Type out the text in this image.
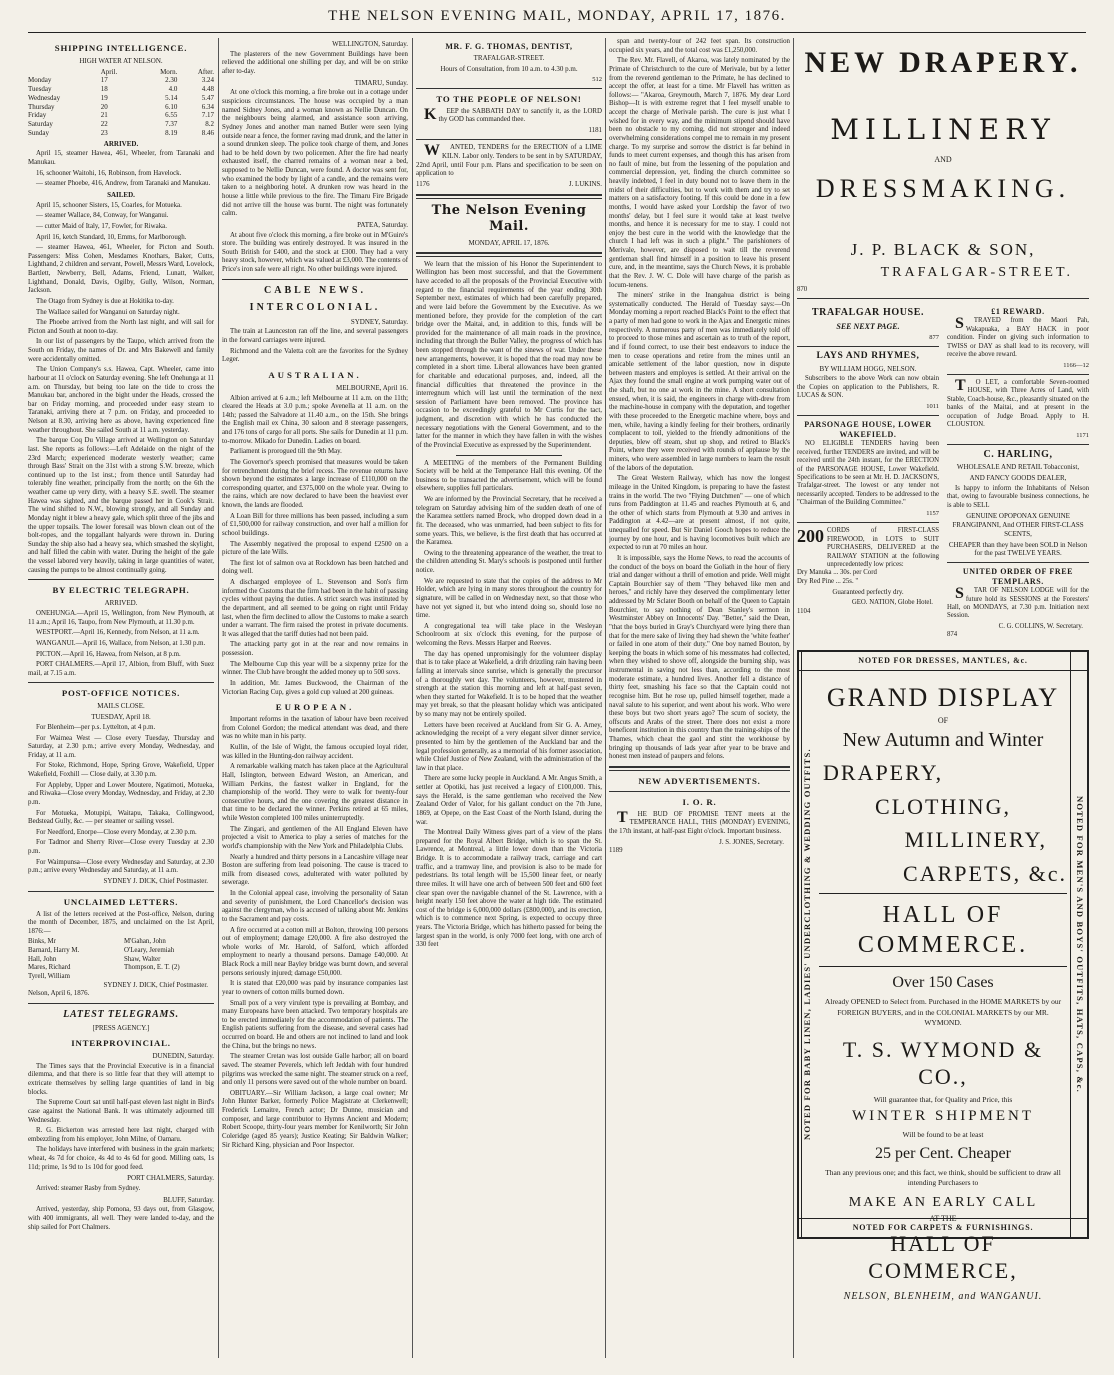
THE NELSON EVENING MAIL, MONDAY, APRIL 17, 1876.
SHIPPING INTELLIGENCE.
HIGH WATER AT NELSON.
	April.	Morn.	After.
Monday	17	2.30	3.24
Tuesday	18	4.0	4.48
Wednesday	19	5.14	5.47
Thursday	20	6.10	6.34
Friday	21	6.55	7.17
Saturday	22	7.37	8.2
Sunday	23	8.19	8.46
ARRIVED.

April 15, steamer Hawea, 461, Wheeler, from Taranaki and Manukau.

16, schooner Waitohi, 16, Robinson, from Havelock.

— steamer Phoebe, 416, Andrew, from Taranaki and Manukau.

SAILED.

April 15, schooner Sisters, 15, Coarles, for Motueka.

— steamer Wallace, 84, Conway, for Wanganui.

— cutter Maid of Italy, 17, Fowler, for Riwaka.

April 16, ketch Standard, 10, Emms, for Marlborough.

— steamer Hawea, 461, Wheeler, for Picton and South. Passengers: Miss Cohen, Mesdames Knothars, Baker, Cutts, Lighthand, 2 children and servant, Powell, Messrs Ward, Lovelock, Bartlett, Newberry, Bell, Adams, Friend, Lunatt, Walker, Lighthand, Donald, Davis, Ogilby, Gully, Wilson, Norman, Jackson.

The Otago from Sydney is due at Hokitika to-day.

The Wallace sailed for Wanganui on Saturday night.

The Phoebe arrived from the North last night, and will sail for Picton and South at noon to-day.

In our list of passengers by the Taupo, which arrived from the South on Friday, the names of Dr. and Mrs Bakewell and family were accidentally omitted.

The Union Company's s.s. Hawea, Capt. Wheeler, came into harbour at 11 o'clock on Saturday evening. She left Onehunga at 11 a.m. on Thursday, but being too late on the tide to cross the Manukau bar, anchored in the bight under the Heads, crossed the bar on Friday morning, and proceeded under easy steam to Taranaki, arriving there at 7 p.m. on Friday, and proceeded to Nelson at 8.30, arriving here as above, having experienced fine weather throughout. She sailed South at 11 a.m. yesterday.

The barque Coq Du Village arrived at Wellington on Saturday last. She reports as follows:—Left Adelaide on the night of the 23rd March; experienced moderate westerly weather; came through Bass' Strait on the 31st with a strong S.W. breeze, which continued up to the 1st inst.; from thence until Saturday had tolerably fine weather, principally from the north; on the 6th the weather came up very dirty, with a heavy S.E. swell. The steamer Hawea was sighted, and the barque passed her in Cook's Strait. The wind shifted to N.W., blowing strongly, and all Sunday and Monday night it blew a heavy gale, which split three of the jibs and the upper topsails. The lower foresail was blown clean out of the bolt-ropes, and the topgallant halyards were thrown in. During Sunday the ship also had a heavy sea, which smashed the skylight, and half filled the cabin with water. During the height of the gale the vessel labored very heavily, taking in large quantities of water, causing the pumps to be almost continually going.

BY ELECTRIC TELEGRAPH.
ARRIVED.

ONEHUNGA.—April 15, Wellington, from New Plymouth, at 11 a.m.; April 16, Taupo, from New Plymouth, at 11.30 p.m.

WESTPORT.—April 16, Kennedy, from Nelson, at 11 a.m.

WANGANUI.—April 16, Wallace, from Nelson, at 1.30 p.m.

PICTON.—April 16, Hawea, from Nelson, at 8 p.m.

PORT CHALMERS.—April 17, Albion, from Bluff, with Suez mail, at 7.15 a.m.

POST-OFFICE NOTICES.
MAILS CLOSE.
TUESDAY, April 18.

For Blenheim—per p.s. Lyttelton, at 4 p.m.

For Waimea West — Close every Tuesday, Thursday and Saturday, at 2.30 p.m.; arrive every Monday, Wednesday, and Friday, at 11 a.m.

For Stoke, Richmond, Hope, Spring Grove, Wakefield, Upper Wakefield, Foxhill — Close daily, at 3.30 p.m.

For Appleby, Upper and Lower Moutere, Ngatimoti, Motueka, and Riwaka—Close every Monday, Wednesday, and Friday, at 2.30 p.m.

For Motueka, Motupipi, Waitapu, Takaka, Collingwood, Bedstead Gully, &c. — per steamer or sailing vessel.

For Needford, Enorpe—Close every Monday, at 2.30 p.m.

For Tadmor and Sherry River—Close every Tuesday at 2.30 p.m.

For Waimpunsa—Close every Wednesday and Saturday, at 2.30 p.m.; arrive every Wednesday and Saturday, at 11 a.m.

SYDNEY J. DICK, Chief Postmaster.
UNCLAIMED LETTERS.

A list of the letters received at the Post-office, Nelson, during the month of December, 1875, and unclaimed on the 1st April, 1876:—

Binks, Mr
Barnard, Harry M.
Hall, John
Mares, Richard
Tyrell, William
M'Gahan, John
O'Leary, Jeremiah
Shaw, Walter
Thompson, E. T. (2)
SYDNEY J. DICK, Chief Postmaster.
Nelson, April 6, 1876.
LATEST TELEGRAMS.
[PRESS AGENCY.]
INTERPROVINCIAL.
DUNEDIN, Saturday.

The Times says that the Provincial Executive is in a financial dilemma, and that there is so little fear that they will attempt to extricate themselves by selling large quantities of land in big blocks.

The Supreme Court sat until half-past eleven last night in Bird's case against the National Bank. It was ultimately adjourned till Wednesday.

R. G. Bickerton was arrested here last night, charged with embezzling from his employer, John Milne, of Oamaru.

The holidays have interfered with business in the grain markets; wheat, 4s 7d for choice, 4s 4d to 4s 6d for good. Milling oats, 1s 11d; prime, 1s 9d to 1s 10d for good feed.

PORT CHALMERS, Saturday.

Arrived: steamer Rasby from Sydney.

BLUFF, Saturday.

Arrived, yesterday, ship Pomona, 93 days out, from Glasgow, with 400 immigrants, all well. They were landed to-day, and the ship sailed for Port Chalmers.

WELLINGTON, Saturday.

The plasterers of the new Government Buildings have been relieved the additional one shilling per day, and will be on strike after to-day.

TIMARU, Sunday.

At one o'clock this morning, a fire broke out in a cottage under suspicious circumstances. The house was occupied by a man named Sidney Jones, and a woman known as Nellie Duncan. On the neighbours being alarmed, and assistance soon arriving, Sydney Jones and another man named Butler were seen lying outside near a fence, the former raving mad drunk, and the latter in a sound drunken sleep. The police took charge of them, and Jones had to be held down by two policemen. After the fire had nearly exhausted itself, the charred remains of a woman near a bed, supposed to be Nellie Duncan, were found. A doctor was sent for, who examined the body by light of a candle, and the remains were taken to a neighboring hotel. A drunken row was heard in the house a little while previous to the fire. The Timaru Fire Brigade did not arrive till the house was burnt. The night was fortunately calm.

PATEA, Saturday.

At about five o'clock this morning, a fire broke out in M'Guire's store. The building was entirely destroyed. It was insured in the South British for £400, and the stock at £300. They had a very heavy stock, however, which was valued at £3,000. The contents of Price's iron safe were all right. No other buildings were injured.

CABLE NEWS.
INTERCOLONIAL.
SYDNEY, Saturday.

The train at Launceston ran off the line, and several passengers in the forward carriages were injured.

Richmond and the Valetta colt are the favorites for the Sydney Leger.

AUSTRALIAN.
MELBOURNE, April 16.

Albion arrived at 6 a.m.; left Melbourne at 11 a.m. on the 11th; cleared the Heads at 3.0 p.m.; spoke Avenella at 11 a.m. on the 14th; passed the Salvadore at 11.40 a.m., on the 15th. She brings the English mail ex China, 30 saloon and 8 steerage passengers, and 176 tons of cargo for all ports. She sails for Dunedin at 11 p.m. to-morrow. Mikado for Dunedin. Ladies on board.

Parliament is prorogued till the 9th May.

The Governor's speech promised that measures would be taken for retrenchment during the brief recess. The revenue returns have shown beyond the estimates a large increase of £110,000 on the corresponding quarter, and £375,000 on the whole year. Owing to the rains, which are now declared to have been the heaviest ever known, the lands are flooded.

A Loan Bill for three millions has been passed, including a sum of £1,500,000 for railway construction, and over half a million for school buildings.

The Assembly negatived the proposal to expend £2500 on a picture of the late Wills.

The first lot of salmon ova at Rockdown has been hatched and doing well.

A discharged employee of L. Stevenson and Son's firm informed the Customs that the firm had been in the habit of passing cycles without paying the duties. A strict search was instituted by the department, and all seemed to be going on right until Friday last, when the firm declined to allow the Customs to make a search under a warrant. The firm raised the protest in private documents. It was alleged that the tariff duties had not been paid.

The attacking party got in at the rear and now remains in possession.

The Melbourne Cup this year will be a sixpenny prize for the winner. The Club have brought the added money up to 500 sovs.

In addition, Mr. James Buckwood, the Chairman of the Victorian Racing Cup, gives a gold cup valued at 200 guineas.

EUROPEAN.

Important reforms in the taxation of labour have been received from Colonel Gordon; the medical attendant was dead, and there was no white man in his party.

Kullin, of the Isle of Wight, the famous occupied loyal rider, was killed in the Hunting-don railway accident.

A remarkable walking match has taken place at the Agricultural Hall, Islington, between Edward Weston, an American, and William Perkins, the fastest walker in England, for the championship of the world. They were to walk for twenty-four consecutive hours, and the one covering the greatest distance in that time to be declared the winner. Perkins retired at 65 miles, while Weston completed 100 miles uninterruptedly.

The Zingari, and gentlemen of the All England Eleven have projected a visit to America to play a series of matches for the world's championship with the New York and Philadelphia Clubs.

Nearly a hundred and thirty persons in a Lancashire village near Boston are suffering from lead poisoning. The cause is traced to milk from diseased cows, adulterated with water polluted by sewerage.

In the Colonial appeal case, involving the personality of Satan and severity of punishment, the Lord Chancellor's decision was against the clergyman, who is accused of talking about Mr. Jenkins to the Sacrament and pay costs.

A fire occurred at a cotton mill at Bolton, throwing 100 persons out of employment; damage £20,000. A fire also destroyed the whole works of Mr. Harold, of Salford, which afforded employment to nearly a thousand persons. Damage £40,000. At Black Rock a mill near Bayley bridge was burnt down, and several persons seriously injured; damage £50,000.

It is stated that £20,000 was paid by insurance companies last year to owners of cotton mills burned down.

Small pox of a very virulent type is prevailing at Bombay, and many Europeans have been attacked. Two temporary hospitals are to be erected immediately for the accommodation of patients. The English patients suffering from the disease, and several cases had occurred on board. He and others are not inclined to land and look the China, but the brings no news.

The steamer Cretan was lost outside Galle harbor; all on board saved. The steamer Peverels, which left Jeddah with four hundred pilgrims was wrecked the same night. The steamer struck on a reef, and only 11 persons were saved out of the whole number on board.

OBITUARY.—Sir William Jackson, a large coal owner; Mr John Hunter Barker, formerly Police Magistrate at Clerkenwell; Frederick Lemaitre, French actor; Dr Dunne, musician and composer, and large contributor to Hymns Ancient and Modern; Robert Scoope, thirty-four years member for Kenilworth; Sir John Coleridge (aged 85 years); Justice Keating; Sir Baldwin Walker; Sir Richard King, physician and Poor Inspector.

MR. F. G. THOMAS, DENTIST,
TRAFALGAR-STREET.
Hours of Consultation, from 10 a.m. to 4.30 p.m.
512
TO THE PEOPLE OF NELSON!

KEEP the SABBATH DAY to sanctify it, as the LORD thy GOD has commanded thee.

1181

WANTED, TENDERS for the ERECTION of a LIME KILN. Labor only. Tenders to be sent in by SATURDAY, 22nd April, until Four p.m. Plans and specification to be seen on application to

1176	J. LUKINS.
The Nelson Evening Mail.
MONDAY, APRIL 17, 1876.

We learn that the mission of his Honor the Superintendent to Wellington has been most successful, and that the Government have acceded to all the proposals of the Provincial Executive with regard to the financial requirements of the year ending 30th September next, estimates of which had been carefully prepared, and were laid before the Government by the Executive. As we mentioned before, they provide for the completion of the cart bridge over the Maitai, and, in addition to this, funds will be provided for the maintenance of all main roads in the province, including that through the Buller Valley, the progress of which has been stopped through the want of the sinews of war. Under these new arrangements, however, it is hoped that the road may now be completed in a short time. Liberal allowances have been granted for charitable and educational purposes, and, indeed, all the financial difficulties that threatened the province in the interregnum which will last until the termination of the next session of Parliament have been removed. The province has occasion to be exceedingly grateful to Mr Curtis for the tact, judgment, and discretion with which he has conducted the necessary negotiations with the General Government, and to the latter for the manner in which they have fallen in with the wishes of the Provincial Executive as expressed by the Superintendent.

A MEETING of the members of the Permanent Building Society will be held at the Temperance Hall this evening. Of the business to be transacted the advertisement, which will be found elsewhere, supplies full particulars.

We are informed by the Provincial Secretary, that he received a telegram on Saturday advising him of the sudden death of one of the Karamea settlers named Brock, who dropped down dead in a fit. The deceased, who was unmarried, had been subject to fits for some years. This, we believe, is the first death that has occurred at the Karamea.

Owing to the threatening appearance of the weather, the treat to the children attending St. Mary's schools is postponed until further notice.

We are requested to state that the copies of the address to Mr Holder, which are lying in many stores throughout the country for signature, will be called in on Wednesday next, so that those who have not yet signed it, but who intend doing so, should lose no time.

A congregational tea will take place in the Wesleyan Schoolroom at six o'clock this evening, for the purpose of welcoming the Revs. Messrs Harper and Reeves.

The day has opened unpromisingly for the volunteer display that is to take place at Wakefield, a drift drizzling rain having been falling at intervals since sunrise, which is generally the precursor of a thoroughly wet day. The volunteers, however, mustered in strength at the station this morning and left at half-past seven, when they started for Wakefield. It is to be hoped that the weather may yet break, so that the pleasant holiday which was anticipated by so many may not be entirely spoiled.

Letters have been received at Auckland from Sir G. A. Arney, acknowledging the receipt of a very elegant silver dinner service, presented to him by the gentlemen of the Auckland bar and the legal profession generally, as a memorial of his former association, while Chief Justice of New Zealand, with the administration of the law in that place.

There are some lucky people in Auckland. A Mr. Angus Smith, a settler at Opotiki, has just received a legacy of £100,000. This, says the Herald, is the same gentleman who received the New Zealand Order of Valor, for his gallant conduct on the 7th June, 1869, at Opepe, on the East Coast of the North Island, during the war.

The Montreal Daily Witness gives part of a view of the plans prepared for the Royal Albert Bridge, which is to span the St. Lawrence, at Montreal, a little lower down than the Victoria Bridge. It is to accommodate a railway track, carriage and cart traffic, and a tramway line, and provision is also to be made for pedestrians. Its total length will be 15,500 linear feet, or nearly three miles. It will have one arch of between 500 feet and 600 feet clear span over the navigable channel of the St. Lawrence, with a height nearly 150 feet above the water at high tide. The estimated cost of the bridge is 6,000,000 dollars (£800,000), and its erection, which is to commence next Spring, is expected to occupy three years. The Victoria Bridge, which has hitherto passed for being the largest span in the world, is only 7000 feet long, with one arch of 330 feet

span and twenty-four of 242 feet span. Its construction occupied six years, and the total cost was £1,250,000.

The Rev. Mr. Flavell, of Akaroa, was lately nominated by the Primate of Christchurch to the cure of Merivale, but by a letter from the reverend gentleman to the Primate, he has declined to accept the offer, at least for a time. Mr Flavell has written as follows:— "Akaroa, Greymouth, March 7, 1876. My dear Lord Bishop—It is with extreme regret that I feel myself unable to accept the charge of Merivale parish. The cure is just what I wished for in every way, and the minimum stipend should have been no obstacle to my coming, did not stronger and indeed overwhelming considerations compel me to remain in my present charge. To my surprise and sorrow the district is far behind in funds to meet current expenses, and though this has arisen from no fault of mine, but from the lessening of the population and commercial depression, yet, finding the church committee so heavily indebted, I feel in duty bound not to leave them in the midst of their difficulties, but to work with them and try to set matters on a satisfactory footing. If this could be done in a few months, I would have asked your Lordship the favor of two months' delay, but I feel sure it would take at least twelve months, and hence it is necessary for me to stay. I could not enjoy the best cure in the world with the knowledge that the church I had left was in such a plight." The parishioners of Merivale, however, are disposed to wait till the reverend gentleman shall find himself in a position to leave his present cure, and, in the meantime, says the Church News, it is probable that the Rev. J. W. C. Dole will have charge of the parish as locum-tenens.

The miners' strike in the Inangahua district is being systematically conducted. The Herald of Tuesday says:—On Monday morning a report reached Black's Point to the effect that a party of men had gone to work in the Ajax and Energetic mines respectively. A numerous party of men was immediately told off to proceed to those mines and ascertain as to truth of the report, and if found correct, to use their best endeavors to induce the men to cease operations and retire from the mines until an amicable settlement of the labor question, now in dispute between masters and employes is settled. At their arrival on the Ajax they found the small engine at work pumping water out of the shaft, but no one at work in the mine. A short consultation ensued, when, it is said, the engineers in charge with-drew from the machine-house in company with the deputation, and together with these proceeded to the Energetic machine where, boys and men, while, having a kindly feeling for their brothers, ordinarily complacent to toil, yielded to the friendly admonitions of the deputies, blew off steam, shut up shop, and retired to Black's Point, where they were received with rounds of applause by the miners, who were assembled in large numbers to learn the result of the labors of the deputation.

The Great Western Railway, which has now the longest mileage in the United Kingdom, is preparing to have the fastest trains in the world. The two "Flying Dutchmen" — one of which runs from Paddington at 11.45 and reaches Plymouth at 6, and the other of which starts from Plymouth at 9.30 and arrives in Paddington at 4.42—are at present almost, if not quite, unequalled for speed. But Sir Daniel Gooch hopes to reduce the journey by one hour, and is having locomotives built which are expected to run at 70 miles an hour.

It is impossible, says the Home News, to read the accounts of the conduct of the boys on board the Goliath in the hour of fiery trial and danger without a thrill of emotion and pride. Well might Captain Bourchier say of them "They behaved like men and heroes," and richly have they deserved the complimentary letter addressed by Mr Sclater Booth on behalf of the Queen to Captain Bourchier, to say nothing of Dean Stanley's sermon in Westminster Abbey on Innocents' Day. "Better," said the Dean, "that the boys buried in Gray's Churchyard were lying there than that for the mere sake of living they had shewn the 'white feather' or failed in one atom of their duty." One boy named Bouton, by keeping the boats in which some of his messmates had collected, when they wished to shove off, alongside the burning ship, was instrumental in saving not less than, according to the most moderate estimate, a hundred lives. Another fell a distance of thirty feet, smashing his face so that the Captain could not recognise him. But he rose up, pulled himself together, made a naval salute to his superior, and went about his work. Who were these boys but two short years ago? The scum of society, the offscuts and Arabs of the street. There does not exist a more beneficent institution in this country than the training-ships of the Thames, which cheat the gaol and stint the workhouse by bringing up thousands of lads year after year to be brave and honest men instead of paupers and felons.

NEW ADVERTISEMENTS.
I. O. R.

THE BUD OF PROMISE TENT meets at the TEMPERANCE HALL, THIS (MONDAY) EVENING, the 17th instant, at half-past Eight o'clock. Important business.

J. S. JONES, Secretary.
1189
NEW DRAPERY.
MILLINERY
AND
DRESSMAKING.
J. P. BLACK & SON,
TRAFALGAR-STREET.
870
TRAFALGAR HOUSE.
SEE NEXT PAGE.
877
LAYS AND RHYMES,
BY WILLIAM HOGG, NELSON.

Subscribers to the above Work can now obtain the Copies on application to the Publishers, R. LUCAS & SON.

1011
PARSONAGE HOUSE, LOWER WAKEFIELD.

NO ELIGIBLE TENDERS having been received, further TENDERS are invited, and will be received until the 24th instant, for the ERECTION of the PARSONAGE HOUSE, Lower Wakefield. Specifications to be seen at Mr. H. D. JACKSON'S, Trafalgar-street. The lowest or any tender not necessarily accepted. Tenders to be addressed to the "Chairman of the Building Committee."

1157
200 CORDS of FIRST-CLASS FIREWOOD, in LOTS to SUIT PURCHASERS, DELIVERED at the RAILWAY STATION at the following unprecedentedly low prices:
Dry Manuka ... 30s. per Cord
Dry Red Pine ... 25s. "
Guaranteed perfectly dry.
GEO. NATION, Globe Hotel.
1104
£1 REWARD.

STRAYED from the Maori Pah, Wakapuaka, a BAY HACK in poor condition. Finder on giving such information to TWISS or DAY as shall lead to its recovery, will receive the above reward.

1166—12

TO LET, a comfortable Seven-roomed HOUSE, with Three Acres of Land, with Stable, Coach-house, &c., pleasantly situated on the banks of the Maitai, and at present in the occupation of Judge Broad. Apply to H. CLOUSTON.

1171
C. HARLING,
WHOLESALE AND RETAIL Tobacconist,
AND FANCY GOODS DEALER,

Is happy to inform the Inhabitants of Nelson that, owing to favourable business connections, he is able to SELL

GENUINE OPOPONAX GENUINE FRANGIPANNI, And OTHER FIRST-CLASS SCENTS,
CHEAPER than they have been SOLD in Nelson for the past TWELVE YEARS.
UNITED ORDER OF FREE TEMPLARS.

STAR OF NELSON LODGE will for the future hold its SESSIONS at the Foresters' Hall, on MONDAYS, at 7.30 p.m. Initiation next Session.

C. G. COLLINS, W. Secretary.
874
NOTED FOR DRESSES, MANTLES, &c.
NOTED FOR BABY LINEN, LADIES' UNDERCLOTHING & WEDDING OUTFITS.	NOTED FOR MEN'S AND BOYS' OUTFITS, HATS, CAPS, &c.
GRAND DISPLAY
OF
New Autumn and Winter
DRAPERY,
CLOTHING,
MILLINERY,
CARPETS, &c.
HALL OF COMMERCE.
Over 150 Cases
Already OPENED to Select from. Purchased in the HOME MARKETS by our FOREIGN BUYERS, and in the COLONIAL MARKETS by our MR. WYMOND.
T. S. WYMOND & CO.,
Will guarantee that, for Quality and Price, this
WINTER SHIPMENT
Will be found to be at least
25 per Cent. Cheaper
Than any previous one; and this fact, we think, should be sufficient to draw all intending Purchasers to
MAKE AN EARLY CALL
AT THE
HALL OF COMMERCE,
NELSON, BLENHEIM, and WANGANUI.
NOTED FOR CARPETS & FURNISHINGS.
